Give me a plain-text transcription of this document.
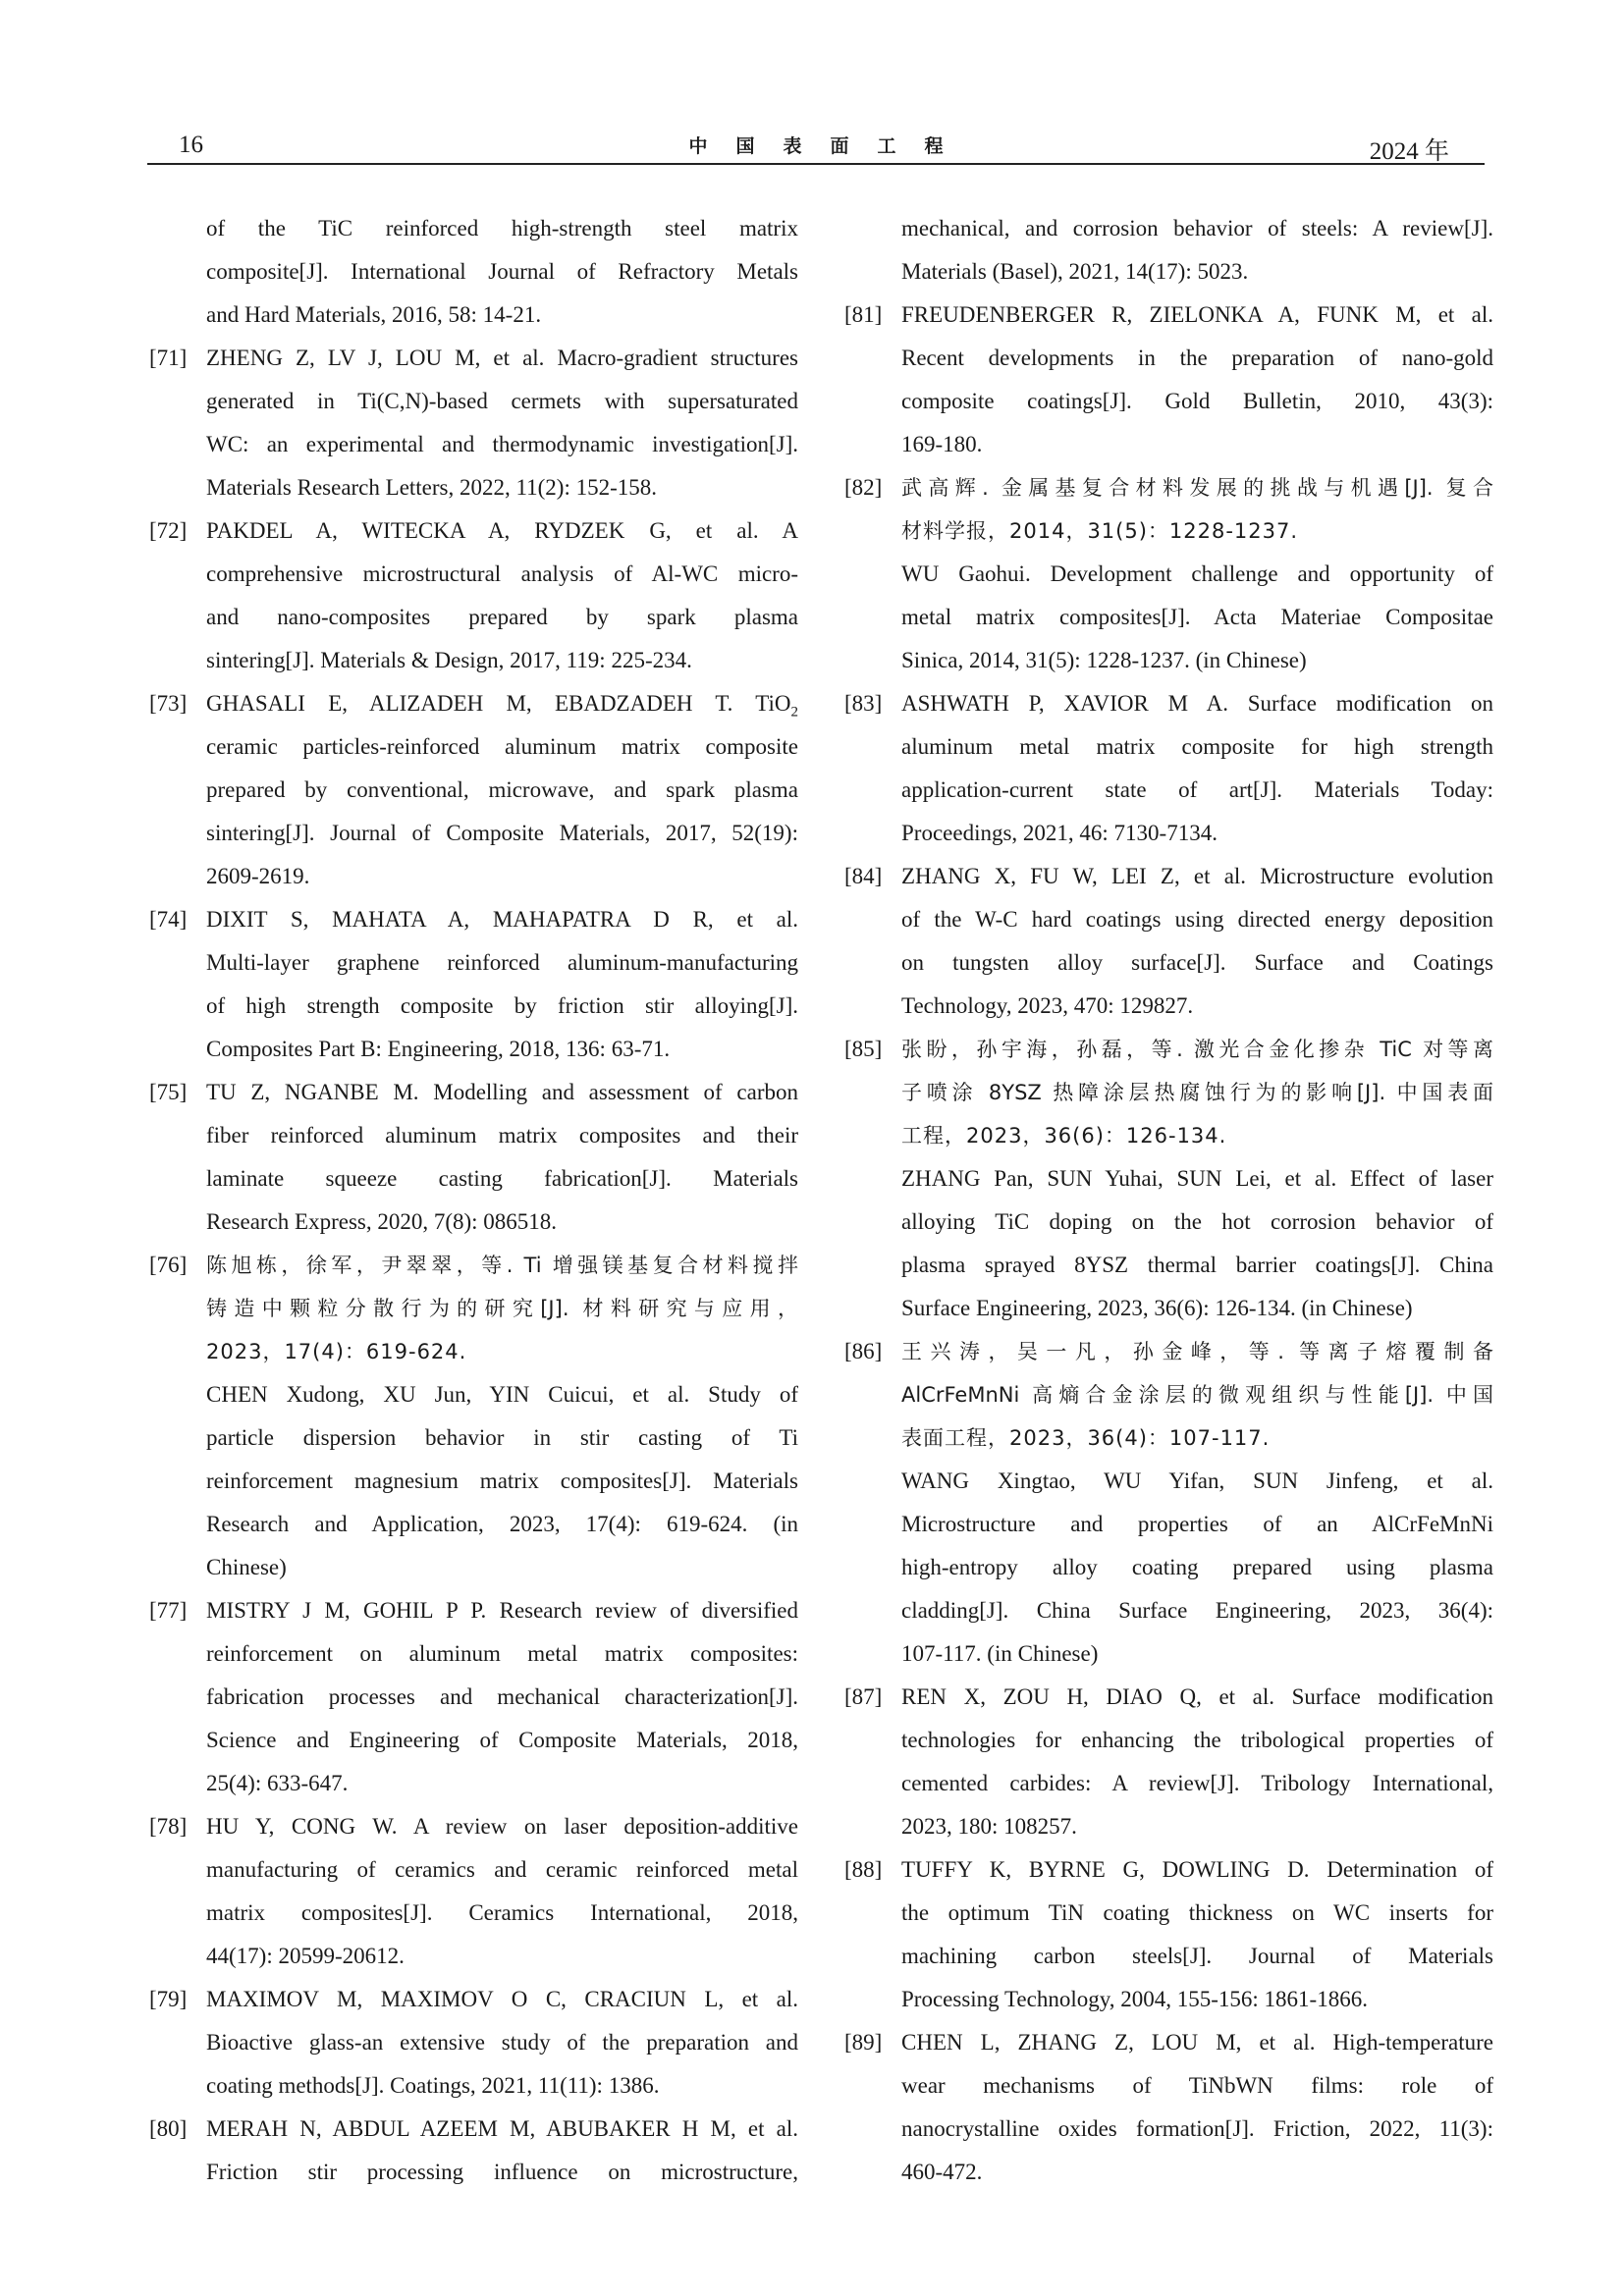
16	中国表面工程	2024 年
of the TiC reinforced high-strength steel matrix
composite[J]. International Journal of Refractory Metals
and Hard Materials, 2016, 58: 14-21.
[71] ZHENG Z, LV J, LOU M, et al. Macro-gradient structures
generated in Ti(C,N)-based cermets with supersaturated
WC: an experimental and thermodynamic investigation[J].
Materials Research Letters, 2022, 11(2): 152-158.
[72] PAKDEL A, WITECKA A, RYDZEK G, et al. A
comprehensive microstructural analysis of Al-WC micro-
and nano-composites prepared by spark plasma
sintering[J]. Materials & Design, 2017, 119: 225-234.
[73] GHASALI E, ALIZADEH M, EBADZADEH T. TiO$_2$
ceramic particles-reinforced aluminum matrix composite
prepared by conventional, microwave, and spark plasma
sintering[J]. Journal of Composite Materials, 2017, 52(19):
2609-2619.
[74] DIXIT S, MAHATA A, MAHAPATRA D R, et al.
Multi-layer graphene reinforced aluminum-manufacturing
of high strength composite by friction stir alloying[J].
Composites Part B: Engineering, 2018, 136: 63-71.
[75] TU Z, NGANBE M. Modelling and assessment of carbon
fiber reinforced aluminum matrix composites and their
laminate squeeze casting fabrication[J]. Materials
Research Express, 2020, 7(8): 086518.
[76] 陈旭栋，徐军，尹翠翠，等. Ti 增强镁基复合材料搅拌
铸造中颗粒分散行为的研究[J]. 材料研究与应用，
2023，17(4)：619-624.
CHEN Xudong, XU Jun, YIN Cuicui, et al. Study of
particle dispersion behavior in stir casting of Ti
reinforcement magnesium matrix composites[J]. Materials
Research and Application, 2023, 17(4): 619-624. (in
Chinese)
[77] MISTRY J M, GOHIL P P. Research review of diversified
reinforcement on aluminum metal matrix composites:
fabrication processes and mechanical characterization[J].
Science and Engineering of Composite Materials, 2018,
25(4): 633-647.
[78] HU Y, CONG W. A review on laser deposition-additive
manufacturing of ceramics and ceramic reinforced metal
matrix composites[J]. Ceramics International, 2018,
44(17): 20599-20612.
[79] MAXIMOV M, MAXIMOV O C, CRACIUN L, et al.
Bioactive glass-an extensive study of the preparation and
coating methods[J]. Coatings, 2021, 11(11): 1386.
[80] MERAH N, ABDUL AZEEM M, ABUBAKER H M, et al.
Friction stir processing influence on microstructure,
mechanical, and corrosion behavior of steels: A review[J].
Materials (Basel), 2021, 14(17): 5023.
[81] FREUDENBERGER R, ZIELONKA A, FUNK M, et al.
Recent developments in the preparation of nano-gold
composite coatings[J]. Gold Bulletin, 2010, 43(3):
169-180.
[82] 武高辉. 金属基复合材料发展的挑战与机遇[J]. 复合
材料学报，2014，31(5)：1228-1237.
WU Gaohui. Development challenge and opportunity of
metal matrix composites[J]. Acta Materiae Compositae
Sinica, 2014, 31(5): 1228-1237. (in Chinese)
[83] ASHWATH P, XAVIOR M A. Surface modification on
aluminum metal matrix composite for high strength
application-current state of art[J]. Materials Today:
Proceedings, 2021, 46: 7130-7134.
[84] ZHANG X, FU W, LEI Z, et al. Microstructure evolution
of the W-C hard coatings using directed energy deposition
on tungsten alloy surface[J]. Surface and Coatings
Technology, 2023, 470: 129827.
[85] 张盼，孙宇海，孙磊，等. 激光合金化掺杂 TiC 对等离
子喷涂 8YSZ 热障涂层热腐蚀行为的影响[J]. 中国表面
工程，2023，36(6)：126-134.
ZHANG Pan, SUN Yuhai, SUN Lei, et al. Effect of laser
alloying TiC doping on the hot corrosion behavior of
plasma sprayed 8YSZ thermal barrier coatings[J]. China
Surface Engineering, 2023, 36(6): 126-134. (in Chinese)
[86] 王兴涛，吴一凡，孙金峰，等. 等离子熔覆制备
AlCrFeMnNi 高熵合金涂层的微观组织与性能[J]. 中国
表面工程，2023，36(4)：107-117.
WANG Xingtao, WU Yifan, SUN Jinfeng, et al.
Microstructure and properties of an AlCrFeMnNi
high-entropy alloy coating prepared using plasma
cladding[J]. China Surface Engineering, 2023, 36(4):
107-117. (in Chinese)
[87] REN X, ZOU H, DIAO Q, et al. Surface modification
technologies for enhancing the tribological properties of
cemented carbides: A review[J]. Tribology International,
2023, 180: 108257.
[88] TUFFY K, BYRNE G, DOWLING D. Determination of
the optimum TiN coating thickness on WC inserts for
machining carbon steels[J]. Journal of Materials
Processing Technology, 2004, 155-156: 1861-1866.
[89] CHEN L, ZHANG Z, LOU M, et al. High-temperature
wear mechanisms of TiNbWN films: role of
nanocrystalline oxides formation[J]. Friction, 2022, 11(3):
460-472.
